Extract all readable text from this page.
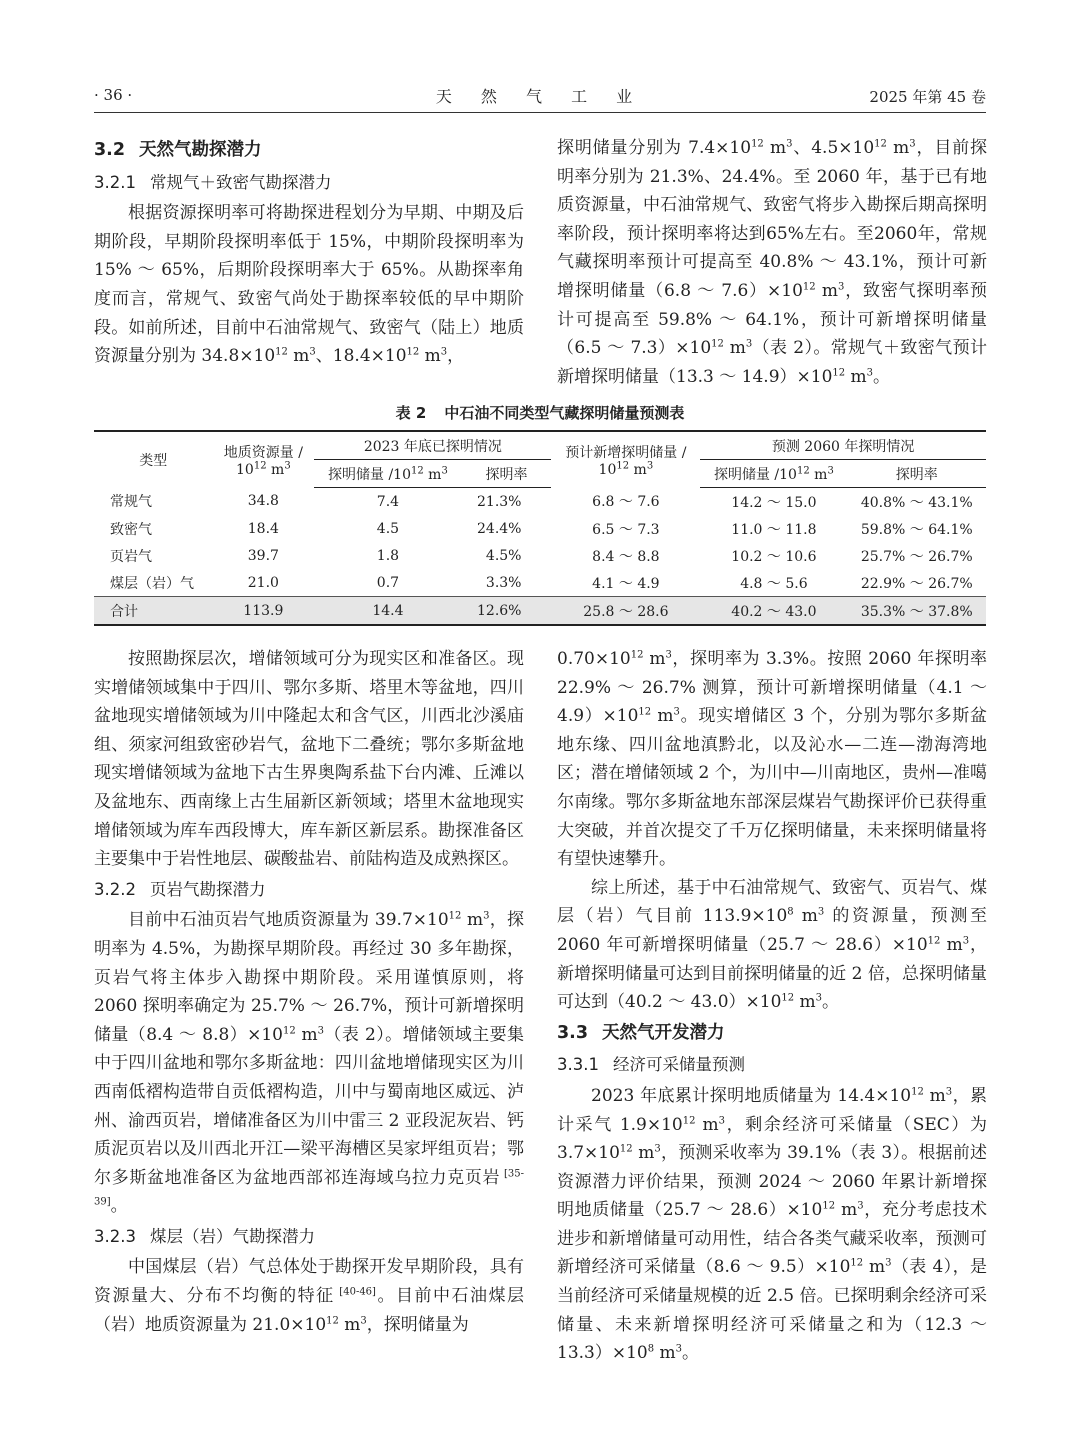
· 36 ·	天 然 气 工 业	2025 年第 45 卷
3.2 天然气勘探潜力
3.2.1 常规气＋致密气勘探潜力

根据资源探明率可将勘探进程划分为早期、中期及后期阶段，早期阶段探明率低于 15%，中期阶段探明率为 15% ～ 65%，后期阶段探明率大于 65%。从勘探率角度而言，常规气、致密气尚处于勘探率较低的早中期阶段。如前所述，目前中石油常规气、致密气（陆上）地质资源量分别为 $34.8\times 10^{12}$ $m^3$、$18.4\times 10^{12}$ $m^3$，

探明储量分别为 $7.4\times 10^{12}$ $m^3$、$4.5\times 10^{12}$ $m^3$，目前探明率分别为 21.3%、24.4%。至 2060 年，基于已有地质资源量，中石油常规气、致密气将步入勘探后期高探明率阶段，预计探明率将达到65%左右。至2060年，常规气藏探明率预计可提高至 40.8% ～ 43.1%，预计可新增探明储量（6.8 ～ $7.6)\times 10^{12}$ $m^3$，致密气探明率预计可提高至 59.8% ～ 64.1%，预计可新增探明储量（6.5 ～ $7.3)\times 10^{12}$ $m^3$（表 2）。常规气＋致密气预计新增探明储量（13.3 ～ $14.9)\times 10^{12}$ $m^3$。

表 2 中石油不同类型气藏探明储量预测表
类型	地质资源量 /
$10^{12}$ $m^3$	2023 年底已探明情况		预计新增探明储量 /
$10^{12}$ $m^3$	预测 2060 年探明情况	
		探明储量 $/10^{12}$ $m^3$	探明率		探明储量 $/10^{12}$ $m^3$	探明率
常规气	34.8	7.4	21.3%	6.8 ～ 7.6	14.2 ～ 15.0	40.8% ～ 43.1%
致密气	18.4	4.5	24.4%	6.5 ～ 7.3	11.0 ～ 11.8	59.8% ～ 64.1%
页岩气	39.7	1.8	4.5%	8.4 ～ 8.8	10.2 ～ 10.6	25.7% ～ 26.7%
煤层（岩）气	21.0	0.7	3.3%	4.1 ～ 4.9	4.8 ～ 5.6	22.9% ～ 26.7%
合计	113.9	14.4	12.6%	25.8 ～ 28.6	40.2 ～ 43.0	35.3% ～ 37.8%

按照勘探层次，增储领域可分为现实区和准备区。现实增储领域集中于四川、鄂尔多斯、塔里木等盆地，四川盆地现实增储领域为川中隆起太和含气区，川西北沙溪庙组、须家河组致密砂岩气，盆地下二叠统；鄂尔多斯盆地现实增储领域为盆地下古生界奥陶系盐下台内滩、丘滩以及盆地东、西南缘上古生届新区新领域；塔里木盆地现实增储领域为库车西段博大，库车新区新层系。勘探准备区主要集中于岩性地层、碳酸盐岩、前陆构造及成熟探区。

3.2.2 页岩气勘探潜力

目前中石油页岩气地质资源量为 $39.7\times 10^{12}$ $m^3$，探明率为 4.5%，为勘探早期阶段。再经过 30 多年勘探，页岩气将主体步入勘探中期阶段。采用谨慎原则，将 2060 探明率确定为 25.7% ～ 26.7%，预计可新增探明储量（8.4 ～ $8.8)\times 10^{12}$ $m^3$（表 2）。增储领域主要集中于四川盆地和鄂尔多斯盆地：四川盆地增储现实区为川西南低褶构造带自贡低褶构造，川中与蜀南地区威远、泸州、渝西页岩，增储准备区为川中雷三 2 亚段泥灰岩、钙质泥页岩以及川西北开江—梁平海槽区吴家坪组页岩；鄂尔多斯盆地准备区为盆地西部祁连海域乌拉力克页岩 [35-39]。

3.2.3 煤层（岩）气勘探潜力

中国煤层（岩）气总体处于勘探开发早期阶段，具有资源量大、分布不均衡的特征 [40-46]。目前中石油煤层（岩）地质资源量为 $21.0\times 10^{12}$ $m^3$，探明储量为

$0.70\times 10^{12}$ $m^3$，探明率为 3.3%。按照 2060 年探明率 22.9% ～ 26.7% 测算，预计可新增探明储量（4.1 ～ $4.9)\times 10^{12}$ $m^3$。现实增储区 3 个，分别为鄂尔多斯盆地东缘、四川盆地滇黔北，以及沁水—二连—渤海湾地区；潜在增储领域 2 个，为川中—川南地区，贵州—准噶尔南缘。鄂尔多斯盆地东部深层煤岩气勘探评价已获得重大突破，并首次提交了千万亿探明储量，未来探明储量将有望快速攀升。

综上所述，基于中石油常规气、致密气、页岩气、煤层（岩）气目前 $113.9\times 10^8$ $m^3$ 的资源量，预测至 2060 年可新增探明储量（25.7 ～ $28.6)\times 10^{12}$ $m^3$，新增探明储量可达到目前探明储量的近 2 倍，总探明储量可达到（40.2 ～ $43.0)\times 10^{12}$ $m^3$。

3.3 天然气开发潜力
3.3.1 经济可采储量预测

2023 年底累计探明地质储量为 $14.4\times 10^{12}$ $m^3$，累计采气 $1.9\times 10^{12}$ $m^3$，剩余经济可采储量（SEC）为 $3.7\times 10^{12}$ $m^3$，预测采收率为 39.1%（表 3）。根据前述资源潜力评价结果，预测 2024 ～ 2060 年累计新增探明地质储量（25.7 ～ $28.6)\times 10^{12}$ $m^3$，充分考虑技术进步和新增储量可动用性，结合各类气藏采收率，预测可新增经济可采储量（8.6 ～ $9.5)\times 10^{12}$ $m^3$（表 4），是当前经济可采储量规模的近 2.5 倍。已探明剩余经济可采储量、未来新增探明经济可采储量之和为（12.3 ～ $13.3)\times 10^8$ $m^3$。
